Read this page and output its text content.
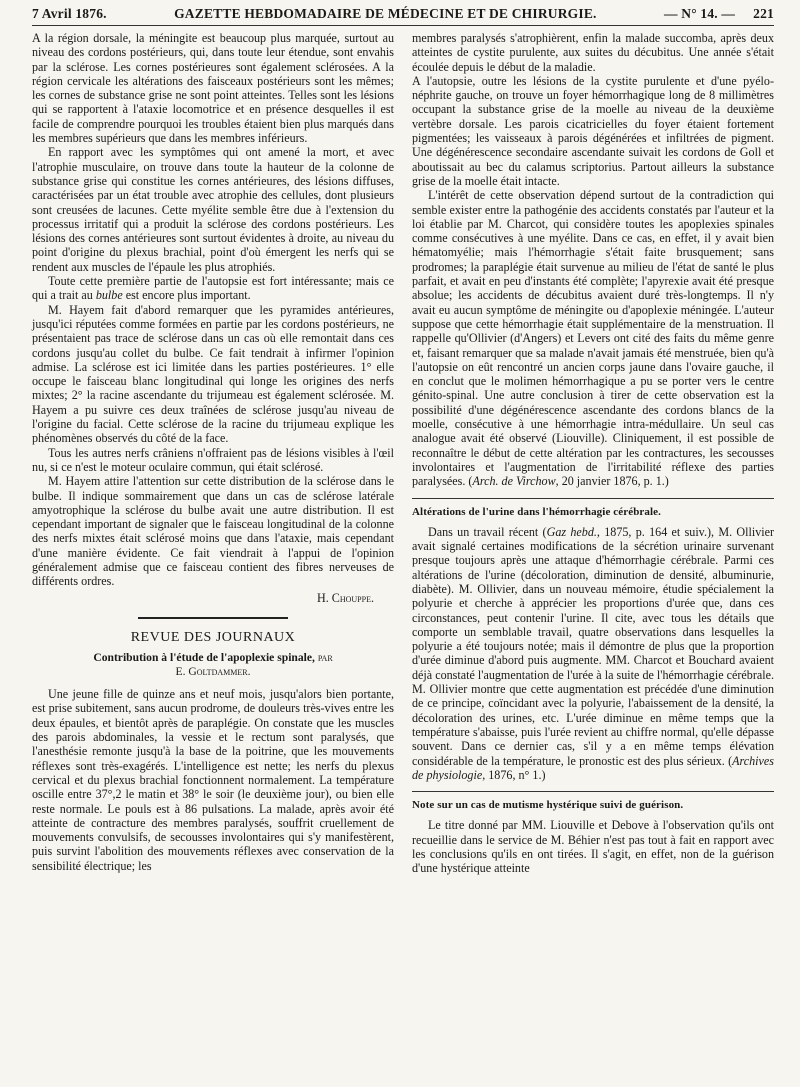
7 Avril 1876.	GAZETTE HEBDOMADAIRE DE MÉDECINE ET DE CHIRURGIE.	— N° 14. — 221

A la région dorsale, la méningite est beaucoup plus marquée, surtout au niveau des cordons postérieurs, qui, dans toute leur étendue, sont envahis par la sclérose. Les cornes postérieures sont également sclérosées. A la région cervicale les altérations des faisceaux postérieurs sont les mêmes; les cornes de substance grise ne sont point atteintes. Telles sont les lésions qui se rapportent à l'ataxie locomotrice et en présence desquelles il est facile de comprendre pourquoi les troubles étaient bien plus marqués dans les membres supérieurs que dans les membres inférieurs.

En rapport avec les symptômes qui ont amené la mort, et avec l'atrophie musculaire, on trouve dans toute la hauteur de la colonne de substance grise qui constitue les cornes antérieures, des lésions diffuses, caractérisées par un état trouble avec atrophie des cellules, dont plusieurs sont creusées de lacunes. Cette myélite semble être due à l'extension du processus irritatif qui a produit la sclérose des cordons postérieurs. Les lésions des cornes antérieures sont surtout évidentes à droite, au niveau du point d'origine du plexus brachial, point d'où émergent les nerfs qui se rendent aux muscles de l'épaule les plus atrophiés.

Toute cette première partie de l'autopsie est fort intéressante; mais ce qui a trait au bulbe est encore plus important.

M. Hayem fait d'abord remarquer que les pyramides antérieures, jusqu'ici réputées comme formées en partie par les cordons postérieurs, ne présentaient pas trace de sclérose dans un cas où elle remontait dans ces cordons jusqu'au collet du bulbe. Ce fait tendrait à infirmer l'opinion admise. La sclérose est ici limitée dans les parties postérieures. 1° elle occupe le faisceau blanc longitudinal qui longe les origines des nerfs mixtes; 2° la racine ascendante du trijumeau est également sclérosée. M. Hayem a pu suivre ces deux traînées de sclérose jusqu'au niveau de l'origine du facial. Cette sclérose de la racine du trijumeau explique les phénomènes observés du côté de la face.

Tous les autres nerfs crâniens n'offraient pas de lésions visibles à l'œil nu, si ce n'est le moteur oculaire commun, qui était sclérosé.

M. Hayem attire l'attention sur cette distribution de la sclérose dans le bulbe. Il indique sommairement que dans un cas de sclérose latérale amyotrophique la sclérose du bulbe avait une autre distribution. Il est cependant important de signaler que le faisceau longitudinal de la colonne des nerfs mixtes était sclérosé moins que dans l'ataxie, mais cependant d'une manière évidente. Ce fait viendrait à l'appui de l'opinion généralement admise que ce faisceau contient des fibres nerveuses de différents ordres.

H. Chouppe.
REVUE DES JOURNAUX
Contribution à l'étude de l'apoplexie spinale, par
E. Goltdammer.

Une jeune fille de quinze ans et neuf mois, jusqu'alors bien portante, est prise subitement, sans aucun prodrome, de douleurs très-vives entre les deux épaules, et bientôt après de paraplégie. On constate que les muscles des parois abdominales, la vessie et le rectum sont paralysés, que l'anesthésie remonte jusqu'à la base de la poitrine, que les mouvements réflexes sont très-exagérés. L'intelligence est nette; les nerfs du plexus cervical et du plexus brachial fonctionnent normalement. La température oscille entre 37°,2 le matin et 38° le soir (le deuxième jour), ou bien elle reste normale. Le pouls est à 86 pulsations. La malade, après avoir été atteinte de contracture des membres paralysés, souffrit cruellement de mouvements convulsifs, de secousses involontaires qui s'y manifestèrent, puis survint l'abolition des mouvements réflexes avec conservation de la sensibilité électrique; les

membres paralysés s'atrophièrent, enfin la malade succomba, après deux atteintes de cystite purulente, aux suites du décubitus. Une année s'était écoulée depuis le début de la maladie.

A l'autopsie, outre les lésions de la cystite purulente et d'une pyélo-néphrite gauche, on trouve un foyer hémorrhagique long de 8 millimètres occupant la substance grise de la moelle au niveau de la deuxième vertèbre dorsale. Les parois cicatricielles du foyer étaient fortement pigmentées; les vaisseaux à parois dégénérées et infiltrées de pigment. Une dégénérescence secondaire ascendante suivait les cordons de Goll et aboutissait au bec du calamus scriptorius. Partout ailleurs la substance grise de la moelle était intacte.

L'intérêt de cette observation dépend surtout de la contradiction qui semble exister entre la pathogénie des accidents constatés par l'auteur et la loi établie par M. Charcot, qui considère toutes les apoplexies spinales comme consécutives à une myélite. Dans ce cas, en effet, il y avait bien hématomyélie; mais l'hémorrhagie s'était faite brusquement; sans prodromes; la paraplégie était survenue au milieu de l'état de santé le plus parfait, et avait en peu d'instants été complète; l'apyrexie avait été presque absolue; les accidents de décubitus avaient duré très-longtemps. Il n'y avait eu aucun symptôme de méningite ou d'apoplexie méningée. L'auteur suppose que cette hémorrhagie était supplémentaire de la menstruation. Il rappelle qu'Ollivier (d'Angers) et Levers ont cité des faits du même genre et, faisant remarquer que sa malade n'avait jamais été menstruée, bien qu'à l'autopsie on eût rencontré un ancien corps jaune dans l'ovaire gauche, il en conclut que le molimen hémorrhagique a pu se porter vers le centre génito-spinal. Une autre conclusion à tirer de cette observation est la possibilité d'une dégénérescence ascendante des cordons blancs de la moelle, consécutive à une hémorrhagie intra-médullaire. Un seul cas analogue avait été observé (Liouville). Cliniquement, il est possible de reconnaître le début de cette altération par les contractures, les secousses involontaires et l'augmentation de l'irritabilité réflexe des parties paralysées. (Arch. de Virchow, 20 janvier 1876, p. 1.)

Altérations de l'urine dans l'hémorrhagie cérébrale.

Dans un travail récent (Gaz hebd., 1875, p. 164 et suiv.), M. Ollivier avait signalé certaines modifications de la sécrétion urinaire survenant presque toujours après une attaque d'hémorrhagie cérébrale. Parmi ces altérations de l'urine (décoloration, diminution de densité, albuminurie, diabète). M. Ollivier, dans un nouveau mémoire, étudie spécialement la polyurie et cherche à apprécier les proportions d'urée que, dans ces circonstances, peut contenir l'urine. Il cite, avec tous les détails que comporte un semblable travail, quatre observations dans lesquelles la polyurie a été toujours notée; mais il démontre de plus que la proportion d'urée diminue d'abord puis augmente. MM. Charcot et Bouchard avaient déjà constaté l'augmentation de l'urée à la suite de l'hémorrhagie cérébrale. M. Ollivier montre que cette augmentation est précédée d'une diminution de ce principe, coïncidant avec la polyurie, l'abaissement de la densité, la décoloration des urines, etc. L'urée diminue en même temps que la température s'abaisse, puis l'urée revient au chiffre normal, qu'elle dépasse souvent. Dans ce dernier cas, s'il y a en même temps élévation considérable de la température, le pronostic est des plus sérieux. (Archives de physiologie, 1876, n° 1.)

Note sur un cas de mutisme hystérique suivi de guérison.

Le titre donné par MM. Liouville et Debove à l'observation qu'ils ont recueillie dans le service de M. Béhier n'est pas tout à fait en rapport avec les conclusions qu'ils en ont tirées. Il s'agit, en effet, non de la guérison d'une hystérique atteinte
